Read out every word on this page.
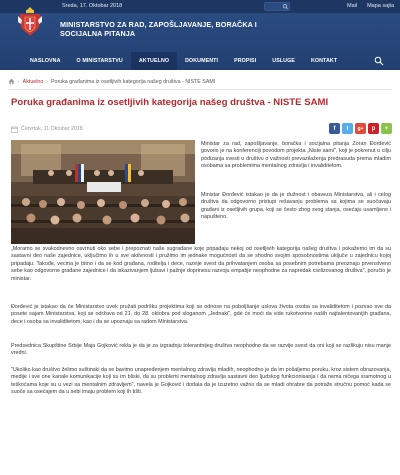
Sreda, 17. Oktobar 2018	Mail Mapa sajta
MINISTARSTVO ZA RAD, ZAPOŠLJAVANJE, BORAČKA I SOCIJALNA PITANJA
NASLOVNA	O MINISTARSTVU	AKTUELNO	DOKUMENTI	PROPISI	USLUGE	KONTAKT
› Aktuelno › Poruka građanima iz osetljivih kategorija našeg društva - NISTE SAMI
Poruka građanima iz osetljivih kategorija našeg društva - NISTE SAMI
Četvrtak, 11 Oktobar 2018	f	t	g+	p	+
Ministar za rad, zapošljavanje, boračka i socijalna pitanja Zoran Đorđević govorio je na konferenciji povodom projekta „Niste sami", koji je pokrenut u cilju podizanja svesti u društvu o važnosti prevazilaženja predrasuda prema mladim osobama sa problemima mentalnog zdravlja i invaliditetom.
Ministar Đorđević istakao je da je dužnost i obaveza Ministarstva, ali i celog društva da odgovorno pristupi rešavanju problema sa kojima se suočavaju građani iz osetljivih grupa, koji se često zbog svog stanja, osećaju usamljeno i napušteno.
„Moramo se svakodnevno osvrnuti oko sebe i prepoznati naše sugrađane koje pripadaju nekoj od osetljivih kategorija našeg društva i pokažemo im da su sastavni deo naše zajednice, uključimo ih u sve aktivnosti i pružimo im jednake mogućnosti da se shodno svojim sposobnostima uključe u zajednicu kojoj pripadaju. Takođe, vecma je bitno i da se kod građana, roditelja i dece, razvije svest da prihvatanjem osoba sa posebnim potrebama preoznaju prvenstveno sebe kao odgovorne građane zajednice i da iskazivanjem ljubavi i pažnje doprinesu razvoju empatije neophodne za napredak civilizovanog društva", poručio je ministar.
Đorđević je istakao da će Ministarstvo uvek pružati podršku projektima koji se odnose na poboljšanje uslova života osoba sa invaliditetom i pozvao sve da posete sajam Ministarstva, koji se održava od 21. do 28. oktobra pod sloganom „Jednaki", gde će moći da vide rukotvorine naših najtalentovanijih građana, dece i osoba sa invaliditetom, kao i da se upoznaju sa radom Ministarstva.
Predsednica Skupštine Srbije Maja Gojković rekla je da je za izgradnju tolerantnijeg društva neophodno da se razvije svest da oni koji se razlikuju nisu manje vredni.
"Ukoliko kao društvo želimo suštinski da se bavimo unapređenjem mentalnog zdravlja mladih, neophodno je da im pošaljemo poruku, kroz sistem obrazovanja, medije i sve one kanale komunikacije koji su im bliski, da su problemi mentalnog zdravlja sastavni deo ljudskog funkcionisanja i da nema ničega sramotnog u teškoćama koje su u vezi sa mentalnim zdravljem", navela je Gojković i dodala da je izuzetno važno da se mladi ohrabre da potraže stručnu pomoć kada se suoče sa osećajem da u sebi imaju problem koji ih tišti.
